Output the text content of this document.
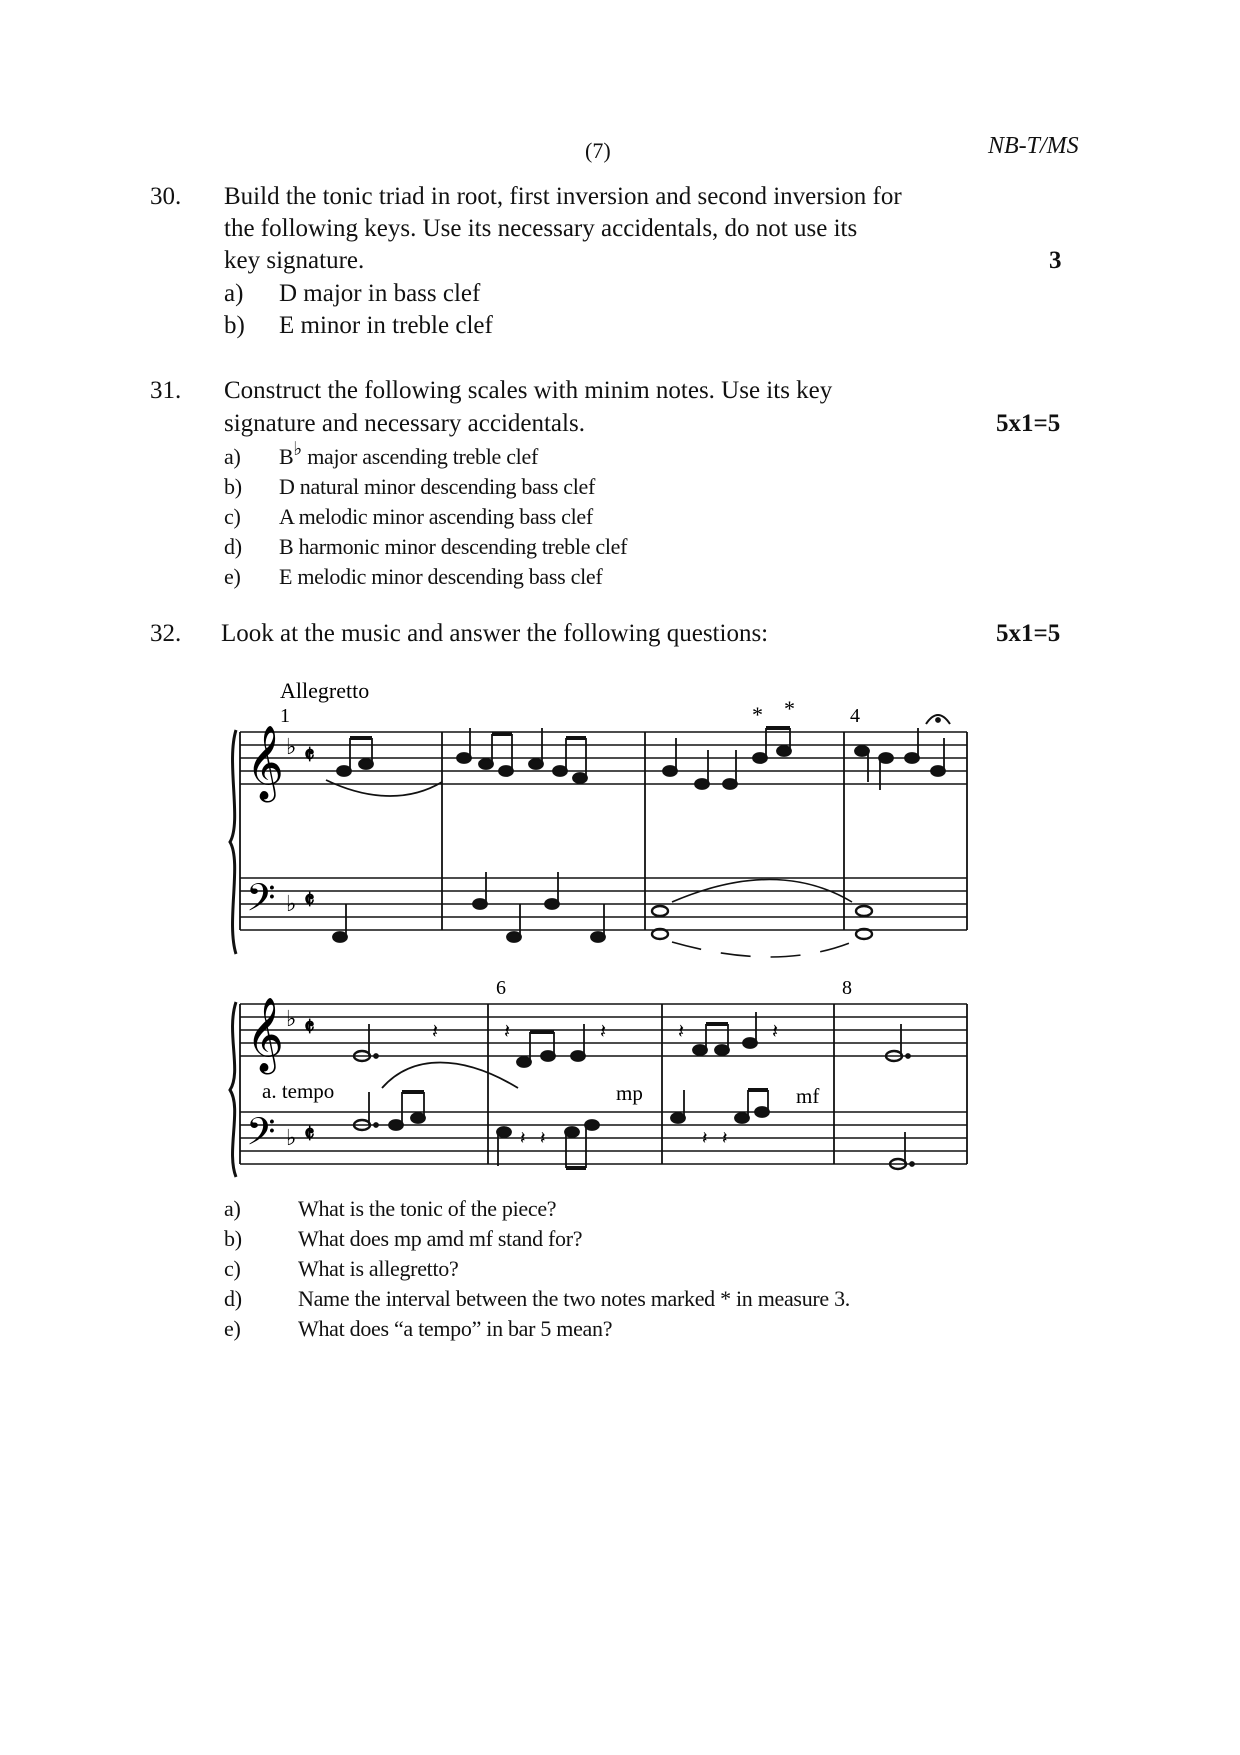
(7)	NB-T/MS
30. Build the tonic triad in root, first inversion and second inversion for
the following keys. Use its necessary accidentals, do not use its
key signature.	3
a) D major in bass clef
b) E minor in treble clef
31. Construct the following scales with minim notes. Use its key
signature and necessary accidentals.	5x1=5
a) B♭ major ascending treble clef
b) D natural minor descending bass clef
c) A melodic minor ascending bass clef
d) B harmonic minor descending treble clef
e) E melodic minor descending bass clef
32. Look at the music and answer the following questions:	5x1=5
Allegretto
1	4
* *
𝄞
𝄢
♭
♭
𝄵
𝄵
6	8
a. tempo	mp	mf
𝄞
𝄢
♭
♭
𝄵
𝄵
𝄽	𝄽	𝄽	𝄽	𝄽
𝄽 𝄽	𝄽 𝄽
a)	What is the tonic of the piece?
b)	What does mp amd mf stand for?
c)	What is allegretto?
d)	Name the interval between the two notes marked * in measure 3.
e)	What does “a tempo” in bar 5 mean?
